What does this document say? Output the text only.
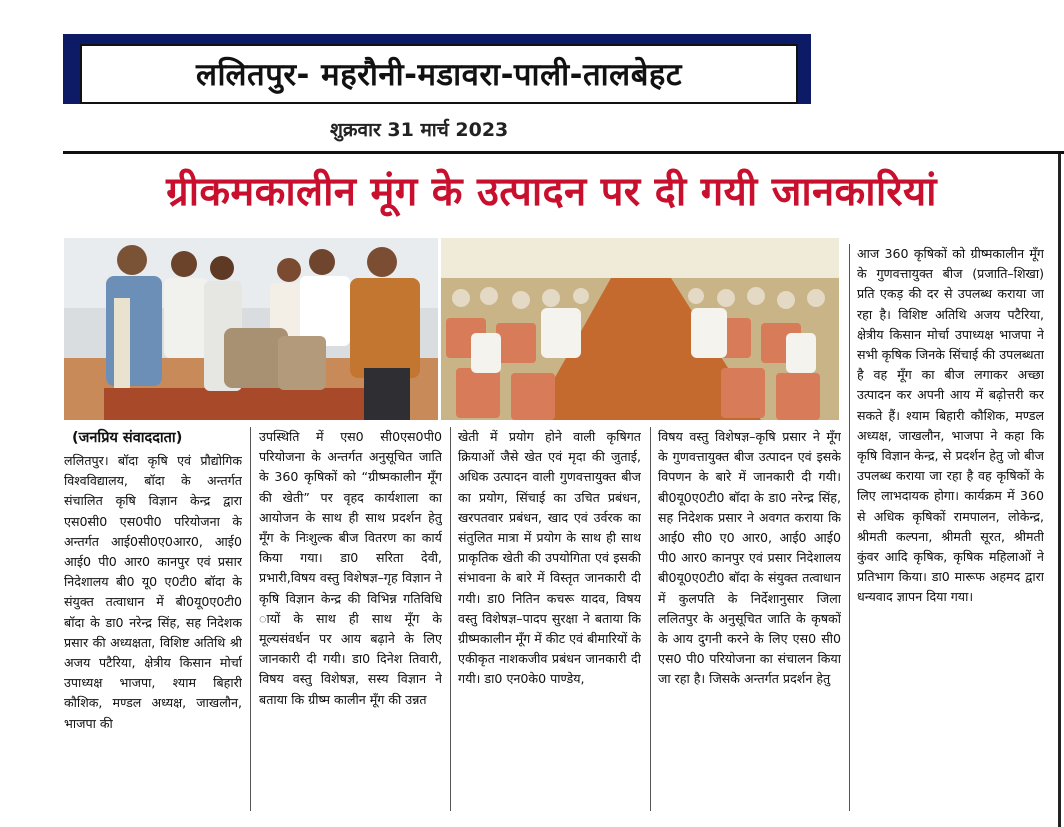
ललितपुर- महरौनी-मडावरा-पाली-तालबेहट
शुक्रवार 31 मार्च 2023
ग्रीकमकालीन मूंग के उत्पादन पर दी गयी जानकारियां
(जनप्रिय संवाददाता)
ललितपुर। बॉदा कृषि एवं प्रौद्योगिक विश्वविद्यालय, बॉदा के अन्तर्गत संचालित कृषि विज्ञान केन्द्र द्वारा एस0सी0 एस0पी0 परियोजना के अन्तर्गत आई0सी0ए0आर0, आई0 आई0 पी0 आर0 कानपुर एवं प्रसार निदेशालय बी0 यू0 ए0टी0 बॉदा के संयुक्त तत्वाधान में बी0यू0ए0टी0 बॉदा के डा0 नरेन्द्र सिंह, सह निदेशक प्रसार की अध्यक्षता, विशिष्ट अतिथि श्री अजय पटैरिया, क्षेत्रीय किसान मोर्चा उपाध्यक्ष भाजपा, श्याम बिहारी कौशिक, मण्डल अध्यक्ष, जाखलौन, भाजपा की
उपस्थिति में एस0 सी0एस0पी0 परियोजना के अन्तर्गत अनुसूचित जाति के 360 कृषिकों को “ग्रीष्मकालीन मूँग की खेती” पर वृहद कार्यशाला का आयोजन के साथ ही साथ प्रदर्शन हेतु मूँग के निःशुल्क बीज वितरण का कार्य किया गया। डा0 सरिता देवी, प्रभारी,विषय वस्तु विशेषज्ञ–गृह विज्ञान ने कृषि विज्ञान केन्द्र की विभिन्न गतिविधि ायों के साथ ही साथ मूँग के मूल्यसंवर्धन पर आय बढ़ाने के लिए जानकारी दी गयी। डा0 दिनेश तिवारी, विषय वस्तु विशेषज्ञ, सस्य विज्ञान ने बताया कि ग्रीष्म कालीन मूँग की उन्नत
खेती में प्रयोग होने वाली कृषिगत क्रियाओं जैसे खेत एवं मृदा की जुताई, अधिक उत्पादन वाली गुणवत्तायुक्त बीज का प्रयोग, सिंचाई का उचित प्रबंधन, खरपतवार प्रबंधन, खाद एवं उर्वरक का संतुलित मात्रा में प्रयोग के साथ ही साथ प्राकृतिक खेती की उपयोगिता एवं इसकी संभावना के बारे में विस्तृत जानकारी दी गयी। डा0 नितिन कचरू यादव, विषय वस्तु विशेषज्ञ–पादप सुरक्षा ने बताया कि ग्रीष्मकालीन मूँग में कीट एवं बीमारियों के एकीकृत नाशकजीव प्रबंधन जानकारी दी गयी। डा0 एन0के0 पाण्डेय,
विषय वस्तु विशेषज्ञ–कृषि प्रसार ने मूँग के गुणवत्तायुक्त बीज उत्पादन एवं इसके विपणन के बारे में जानकारी दी गयी। बी0यू0ए0टी0 बॉदा के डा0 नरेन्द्र सिंह, सह निदेशक प्रसार ने अवगत कराया कि आई0 सी0 ए0 आर0, आई0 आई0 पी0 आर0 कानपुर एवं प्रसार निदेशालय बी0यू0ए0टी0 बॉदा के संयुक्त तत्वाधान में कुलपति के निर्देशानुसार जिला ललितपुर के अनुसूचित जाति के कृषकों के आय दुगनी करने के लिए एस0 सी0 एस0 पी0 परियोजना का संचालन किया जा रहा है। जिसके अन्तर्गत प्रदर्शन हेतु
आज 360 कृषिकों को ग्रीष्मकालीन मूँग के गुणवत्तायुक्त बीज (प्रजाति–शिखा) प्रति एकड़ की दर से उपलब्ध कराया जा रहा है। विशिष्ट अतिथि अजय पटैरिया, क्षेत्रीय किसान मोर्चा उपाध्यक्ष भाजपा ने सभी कृषिक जिनके सिंचाई की उपलब्धता है वह मूँग का बीज लगाकर अच्छा उत्पादन कर अपनी आय में बढ़ोत्तरी कर सकते हैं। श्याम बिहारी कौशिक, मण्डल अध्यक्ष, जाखलौन, भाजपा ने कहा कि कृषि विज्ञान केन्द्र, से प्रदर्शन हेतु जो बीज उपलब्ध कराया जा रहा है वह कृषिकों के लिए लाभदायक होगा। कार्यक्रम में 360 से अधिक कृषिकों रामपालन, लोकेन्द्र, श्रीमती कल्पना, श्रीमती सूरत, श्रीमती कुंवर आदि कृषिक, कृषिक महिलाओं ने प्रतिभाग किया। डा0 मारूफ अहमद द्वारा धन्यवाद ज्ञापन दिया गया।
